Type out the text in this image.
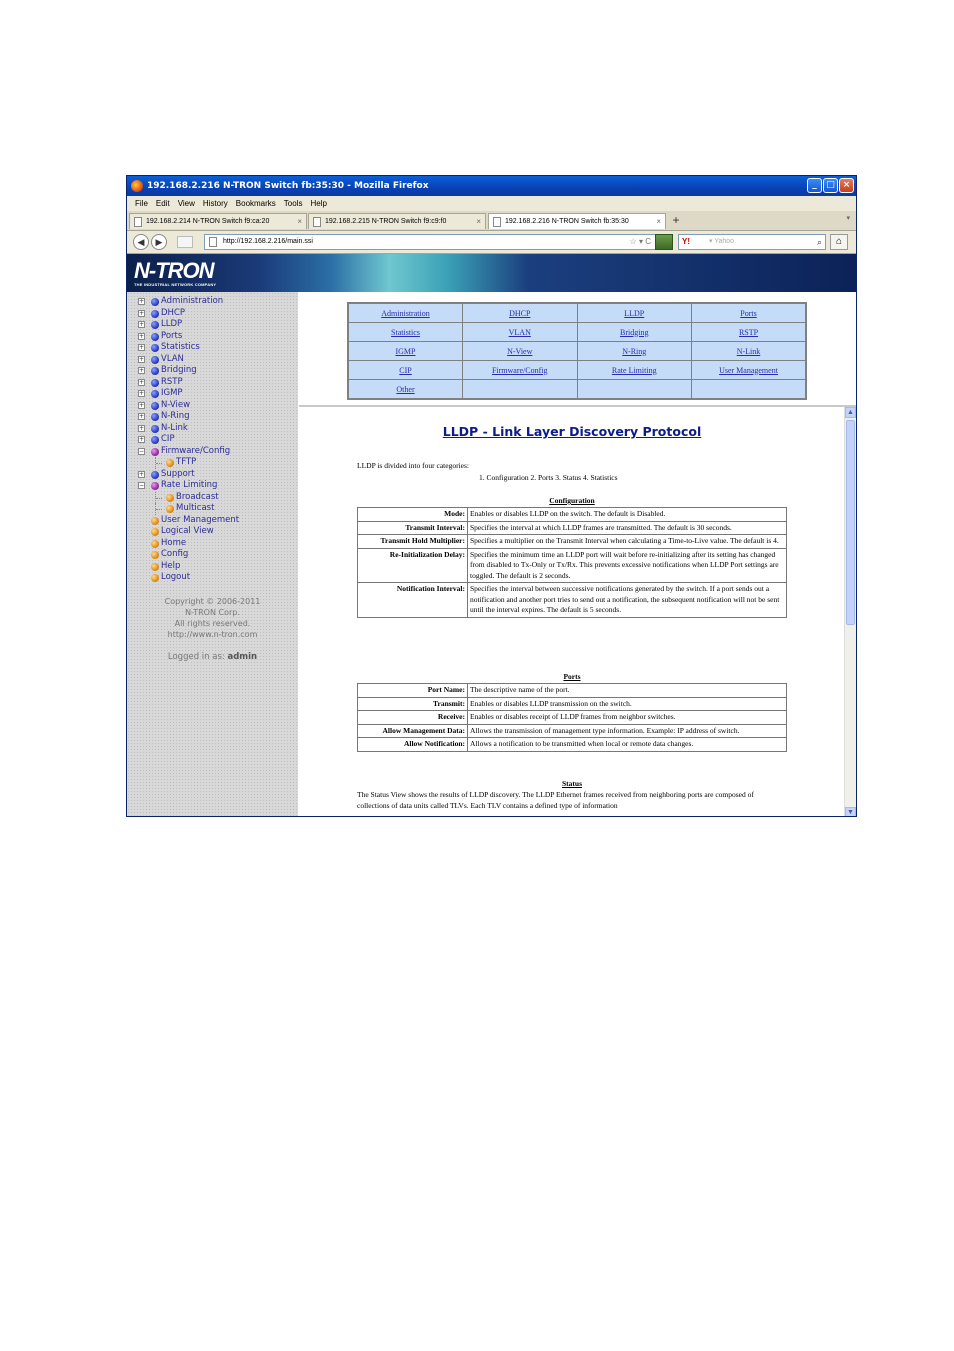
192.168.2.216 N-TRON Switch fb:35:30 - Mozilla Firefox	_	□ ×
File Edit View History Bookmarks Tools Help
192.168.2.214 N-TRON Switch f9:ca:20	×	192.168.2.215 N-TRON Switch f9:c9:f0	×	192.168.2.216 N-TRON Switch fb:35:30	× +	▾
◀	▶	http://192.168.2.216/main.ssi	☆ ▾ C	Y!	▾ Yahoo	⌕	⌂
N-TRON
THE INDUSTRIAL NETWORK COMPANY
+ Administration
+ DHCP
+ LLDP
+ Ports
+ Statistics
+ VLAN
+ Bridging
+ RSTP
+ IGMP
+ N-View
+ N-Ring
+ N-Link
+ CIP
− Firmware/Config
TFTP
+ Support
− Rate Limiting
Broadcast
Multicast
User Management
Logical View
Home
Config
Help
Logout
Copyright © 2006-2011
N-TRON Corp.
All rights reserved.
http://www.n-tron.com
Logged in as: admin
Administration	DHCP	LLDP	Ports
Statistics	VLAN	Bridging	RSTP
IGMP	N-View	N-Ring	N-Link
CIP	Firmware/Config	Rate Limiting	User Management
Other			
LLDP - Link Layer Discovery Protocol
LLDP is divided into four categories:
1. Configuration 2. Ports 3. Status 4. Statistics
Configuration
Mode:	Enables or disables LLDP on the switch. The default is Disabled.
Transmit Interval:	Specifies the interval at which LLDP frames are transmitted. The default is 30 seconds.
Transmit Hold Multiplier:	Specifies a multiplier on the Transmit Interval when calculating a Time-to-Live value. The default is 4.
Re-Initialization Delay:	Specifies the minimum time an LLDP port will wait before re-initializing after its setting has changed from disabled to Tx-Only or Tx/Rx. This prevents excessive notifications when LLDP Port settings are toggled. The default is 2 seconds.
Notification Interval:	Specifies the interval between successive notifications generated by the switch. If a port sends out a notification and another port tries to send out a notification, the subsequent notification will not be sent until the interval expires. The default is 5 seconds.
Ports
Port Name:	The descriptive name of the port.
Transmit:	Enables or disables LLDP transmission on the switch.
Receive:	Enables or disables receipt of LLDP frames from neighbor switches.
Allow Management Data:	Allows the transmission of management type information. Example: IP address of switch.
Allow Notification:	Allows a notification to be transmitted when local or remote data changes.
Status
The Status View shows the results of LLDP discovery. The LLDP Ethernet frames received from neighboring ports are composed of collections of data units called TLVs. Each TLV contains a defined type of information
▲
▼
